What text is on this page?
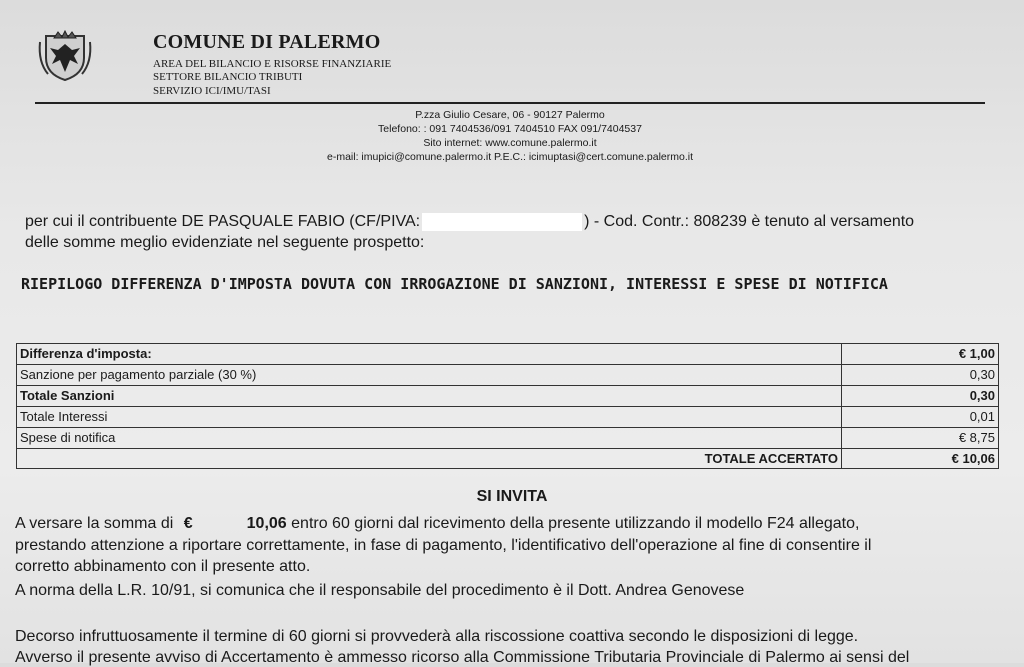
COMUNE DI PALERMO
AREA DEL BILANCIO E RISORSE FINANZIARIE
SETTORE BILANCIO TRIBUTI
SERVIZIO ICI/IMU/TASI
P.zza Giulio Cesare, 06 - 90127 Palermo
Telefono: : 091 7404536/091 7404510 FAX 091/7404537
Sito internet: www.comune.palermo.it
e-mail: imupici@comune.palermo.it P.E.C.: icimuptasi@cert.comune.palermo.it
per cui il contribuente DE PASQUALE FABIO (CF/PIVA:	) - Cod. Contr.: 808239 è tenuto al versamento
delle somme meglio evidenziate nel seguente prospetto:
RIEPILOGO DIFFERENZA D'IMPOSTA DOVUTA CON IRROGAZIONE DI SANZIONI, INTERESSI E SPESE DI NOTIFICA
Differenza d'imposta:	€ 1,00
Sanzione per pagamento parziale (30 %)	0,30
Totale Sanzioni	0,30
Totale Interessi	0,01
Spese di notifica	€ 8,75
TOTALE ACCERTATO	€ 10,06
SI INVITA
A versare la somma di €	10,06 entro 60 giorni dal ricevimento della presente utilizzando il modello F24 allegato,
prestando attenzione a riportare correttamente, in fase di pagamento, l'identificativo dell'operazione al fine di consentire il
corretto abbinamento con il presente atto.
A norma della L.R. 10/91, si comunica che il responsabile del procedimento è il Dott. Andrea Genovese
Decorso infruttuosamente il termine di 60 giorni si provvederà alla riscossione coattiva secondo le disposizioni di legge.
Avverso il presente avviso di Accertamento è ammesso ricorso alla Commissione Tributaria Provinciale di Palermo ai sensi del
